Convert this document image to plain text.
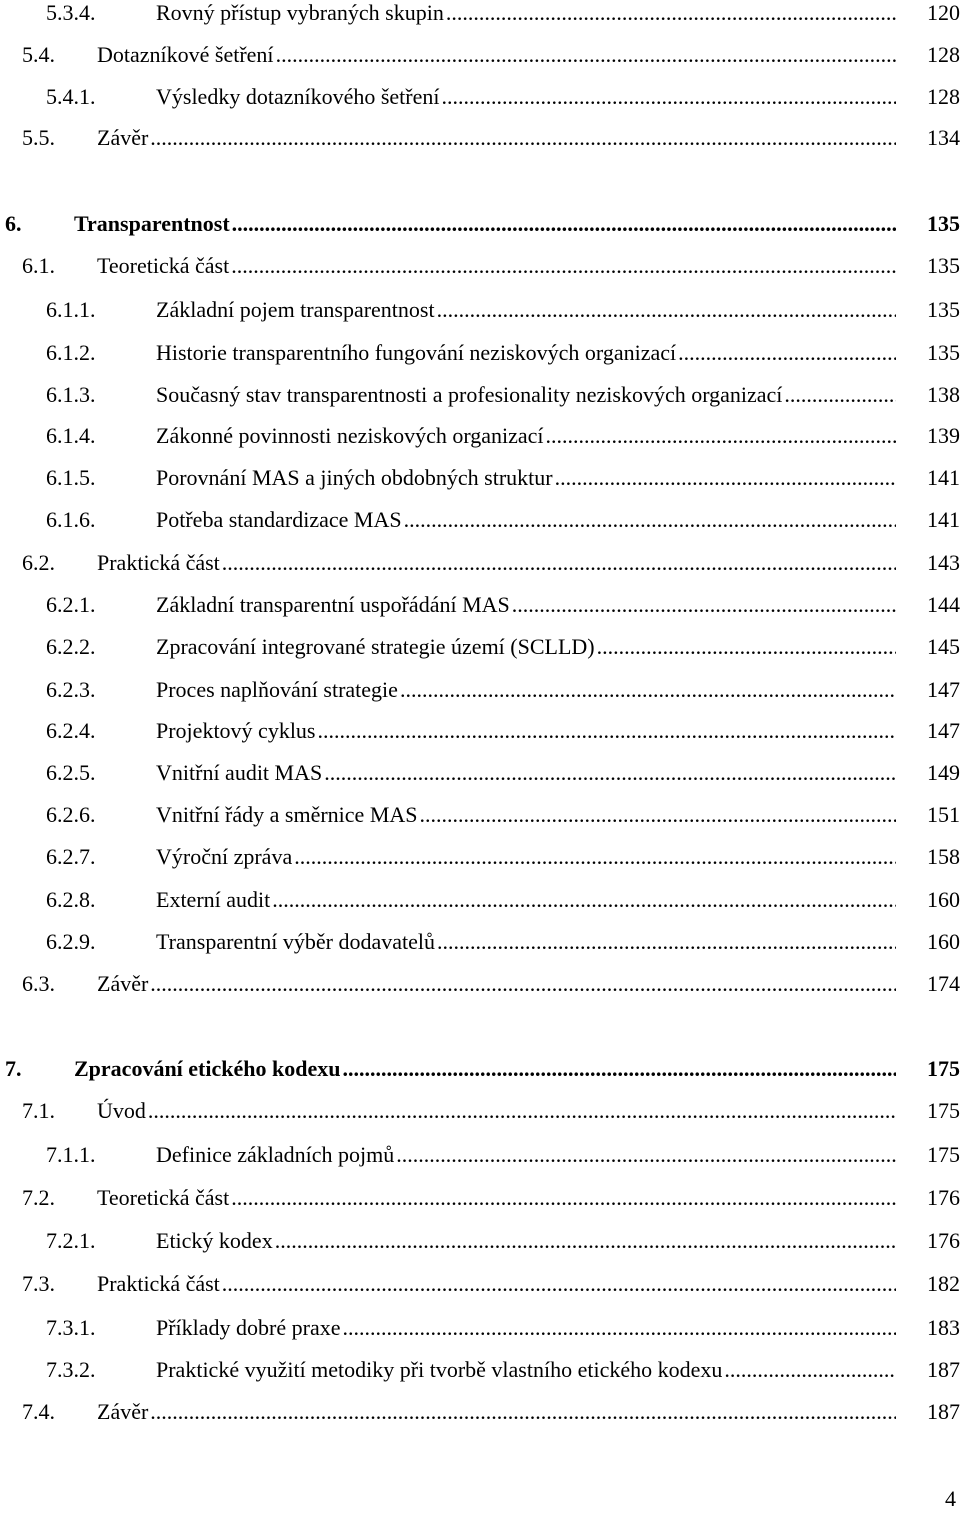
5.3.4.	Rovný přístup vybraných skupin .....	120
5.4. Dotazníkové šetření .....	128
5.4.1.	Výsledky dotazníkového šetření .....	128
5.5. Závěr .....	134
6. Transparentnost .....	135
6.1. Teoretická část .....	135
6.1.1.	Základní pojem transparentnost .....	135
6.1.2.	Historie transparentního fungování neziskových organizací .....	135
6.1.3.	Současný stav transparentnosti a profesionality neziskových organizací .....	138
6.1.4.	Zákonné povinnosti neziskových organizací .....	139
6.1.5.	Porovnání MAS a jiných obdobných struktur .....	141
6.1.6.	Potřeba standardizace MAS .....	141
6.2. Praktická část .....	143
6.2.1.	Základní transparentní uspořádání MAS .....	144
6.2.2.	Zpracování integrované strategie území (SCLLD) .....	145
6.2.3.	Proces naplňování strategie .....	147
6.2.4.	Projektový cyklus .....	147
6.2.5.	Vnitřní audit MAS .....	149
6.2.6.	Vnitřní řády a směrnice MAS .....	151
6.2.7.	Výroční zpráva .....	158
6.2.8.	Externí audit .....	160
6.2.9.	Transparentní výběr dodavatelů .....	160
6.3. Závěr .....	174
7. Zpracování etického kodexu .....	175
7.1. Úvod .....	175
7.1.1.	Definice základních pojmů .....	175
7.2. Teoretická část .....	176
7.2.1.	Etický kodex .....	176
7.3. Praktická část .....	182
7.3.1.	Příklady dobré praxe .....	183
7.3.2.	Praktické využití metodiky při tvorbě vlastního etického kodexu .....	187
7.4. Závěr .....	187
4
